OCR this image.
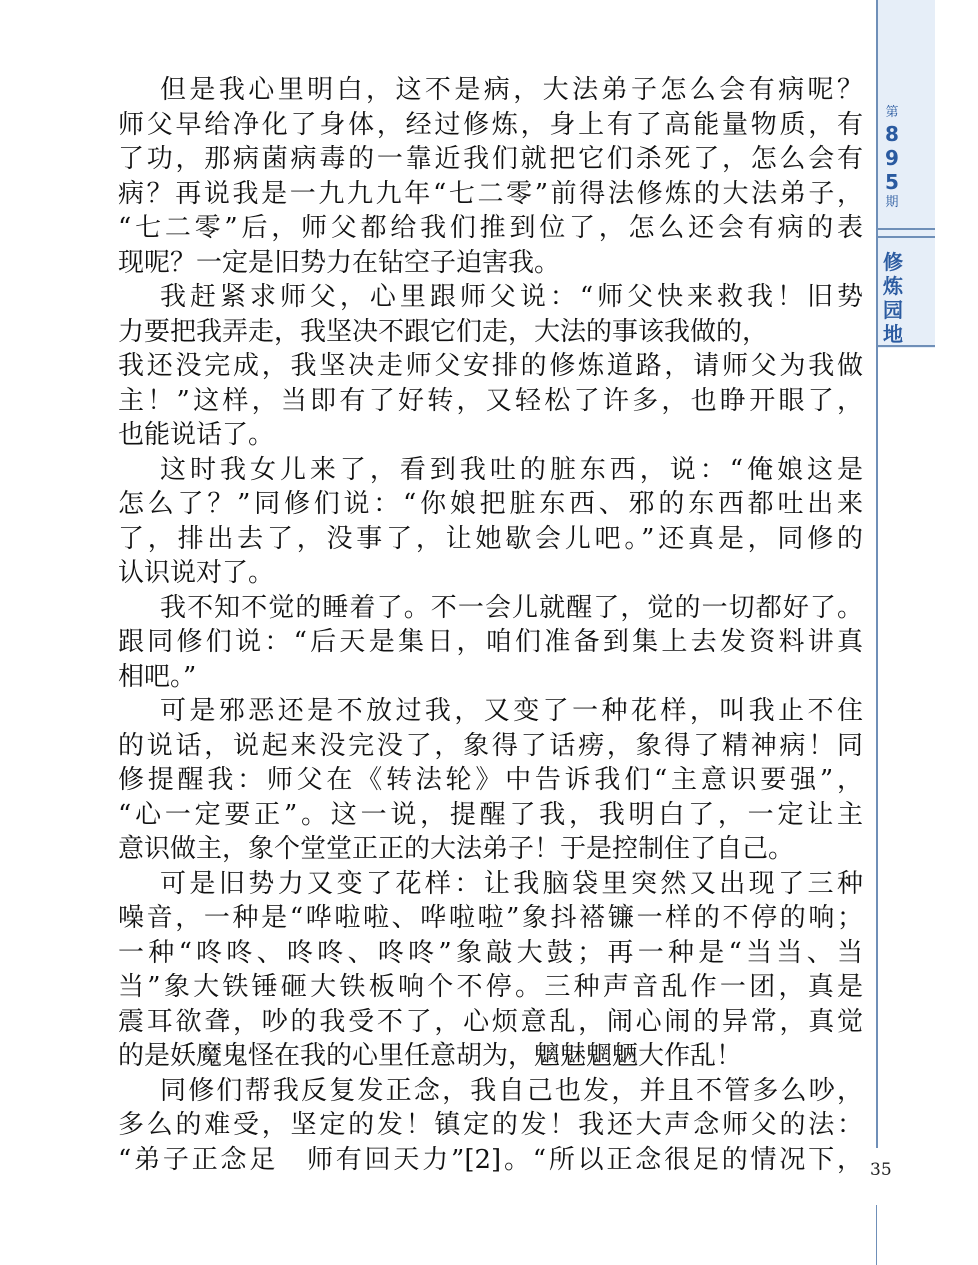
第
8
9
5
期
修
炼
园
地
但是我心里明白，这不是病，大法弟子怎么会有病呢？
师父早给净化了身体，经过修炼，身上有了高能量物质，有
了功，那病菌病毒的一靠近我们就把它们杀死了，怎么会有
病？再说我是一九九九年“七二零”前得法修炼的大法弟子，
“七二零”后，师父都给我们推到位了，怎么还会有病的表
现呢？一定是旧势力在钻空子迫害我。
我赶紧求师父，心里跟师父说：“师父快来救我！旧势
力要把我弄走，我坚决不跟它们走，大法的事该我做的，
我还没完成，我坚决走师父安排的修炼道路，请师父为我做
主！”这样，当即有了好转，又轻松了许多，也睁开眼了，
也能说话了。
这时我女儿来了，看到我吐的脏东西，说：“俺娘这是
怎么了？”同修们说：“你娘把脏东西、邪的东西都吐出来
了，排出去了，没事了，让她歇会儿吧。”还真是，同修的
认识说对了。
我不知不觉的睡着了。不一会儿就醒了，觉的一切都好了。
跟同修们说：“后天是集日，咱们准备到集上去发资料讲真
相吧。”
可是邪恶还是不放过我，又变了一种花样，叫我止不住
的说话，说起来没完没了，象得了话痨，象得了精神病！同
修提醒我：师父在《转法轮》中告诉我们“主意识要强”，
“心一定要正”。这一说，提醒了我，我明白了，一定让主
意识做主，象个堂堂正正的大法弟子！于是控制住了自己。
可是旧势力又变了花样：让我脑袋里突然又出现了三种
噪音，一种是“哗啦啦、哗啦啦”象抖褡镰一样的不停的响；
一种“咚咚、咚咚、咚咚”象敲大鼓；再一种是“当当、当
当”象大铁锤砸大铁板响个不停。三种声音乱作一团，真是
震耳欲聋，吵的我受不了，心烦意乱，闹心闹的异常，真觉
的是妖魔鬼怪在我的心里任意胡为，魑魅魍魉大作乱！
同修们帮我反复发正念，我自己也发，并且不管多么吵，
多么的难受，坚定的发！镇定的发！我还大声念师父的法：
“弟子正念足　师有回天力”[2]。“所以正念很足的情况下， 35
